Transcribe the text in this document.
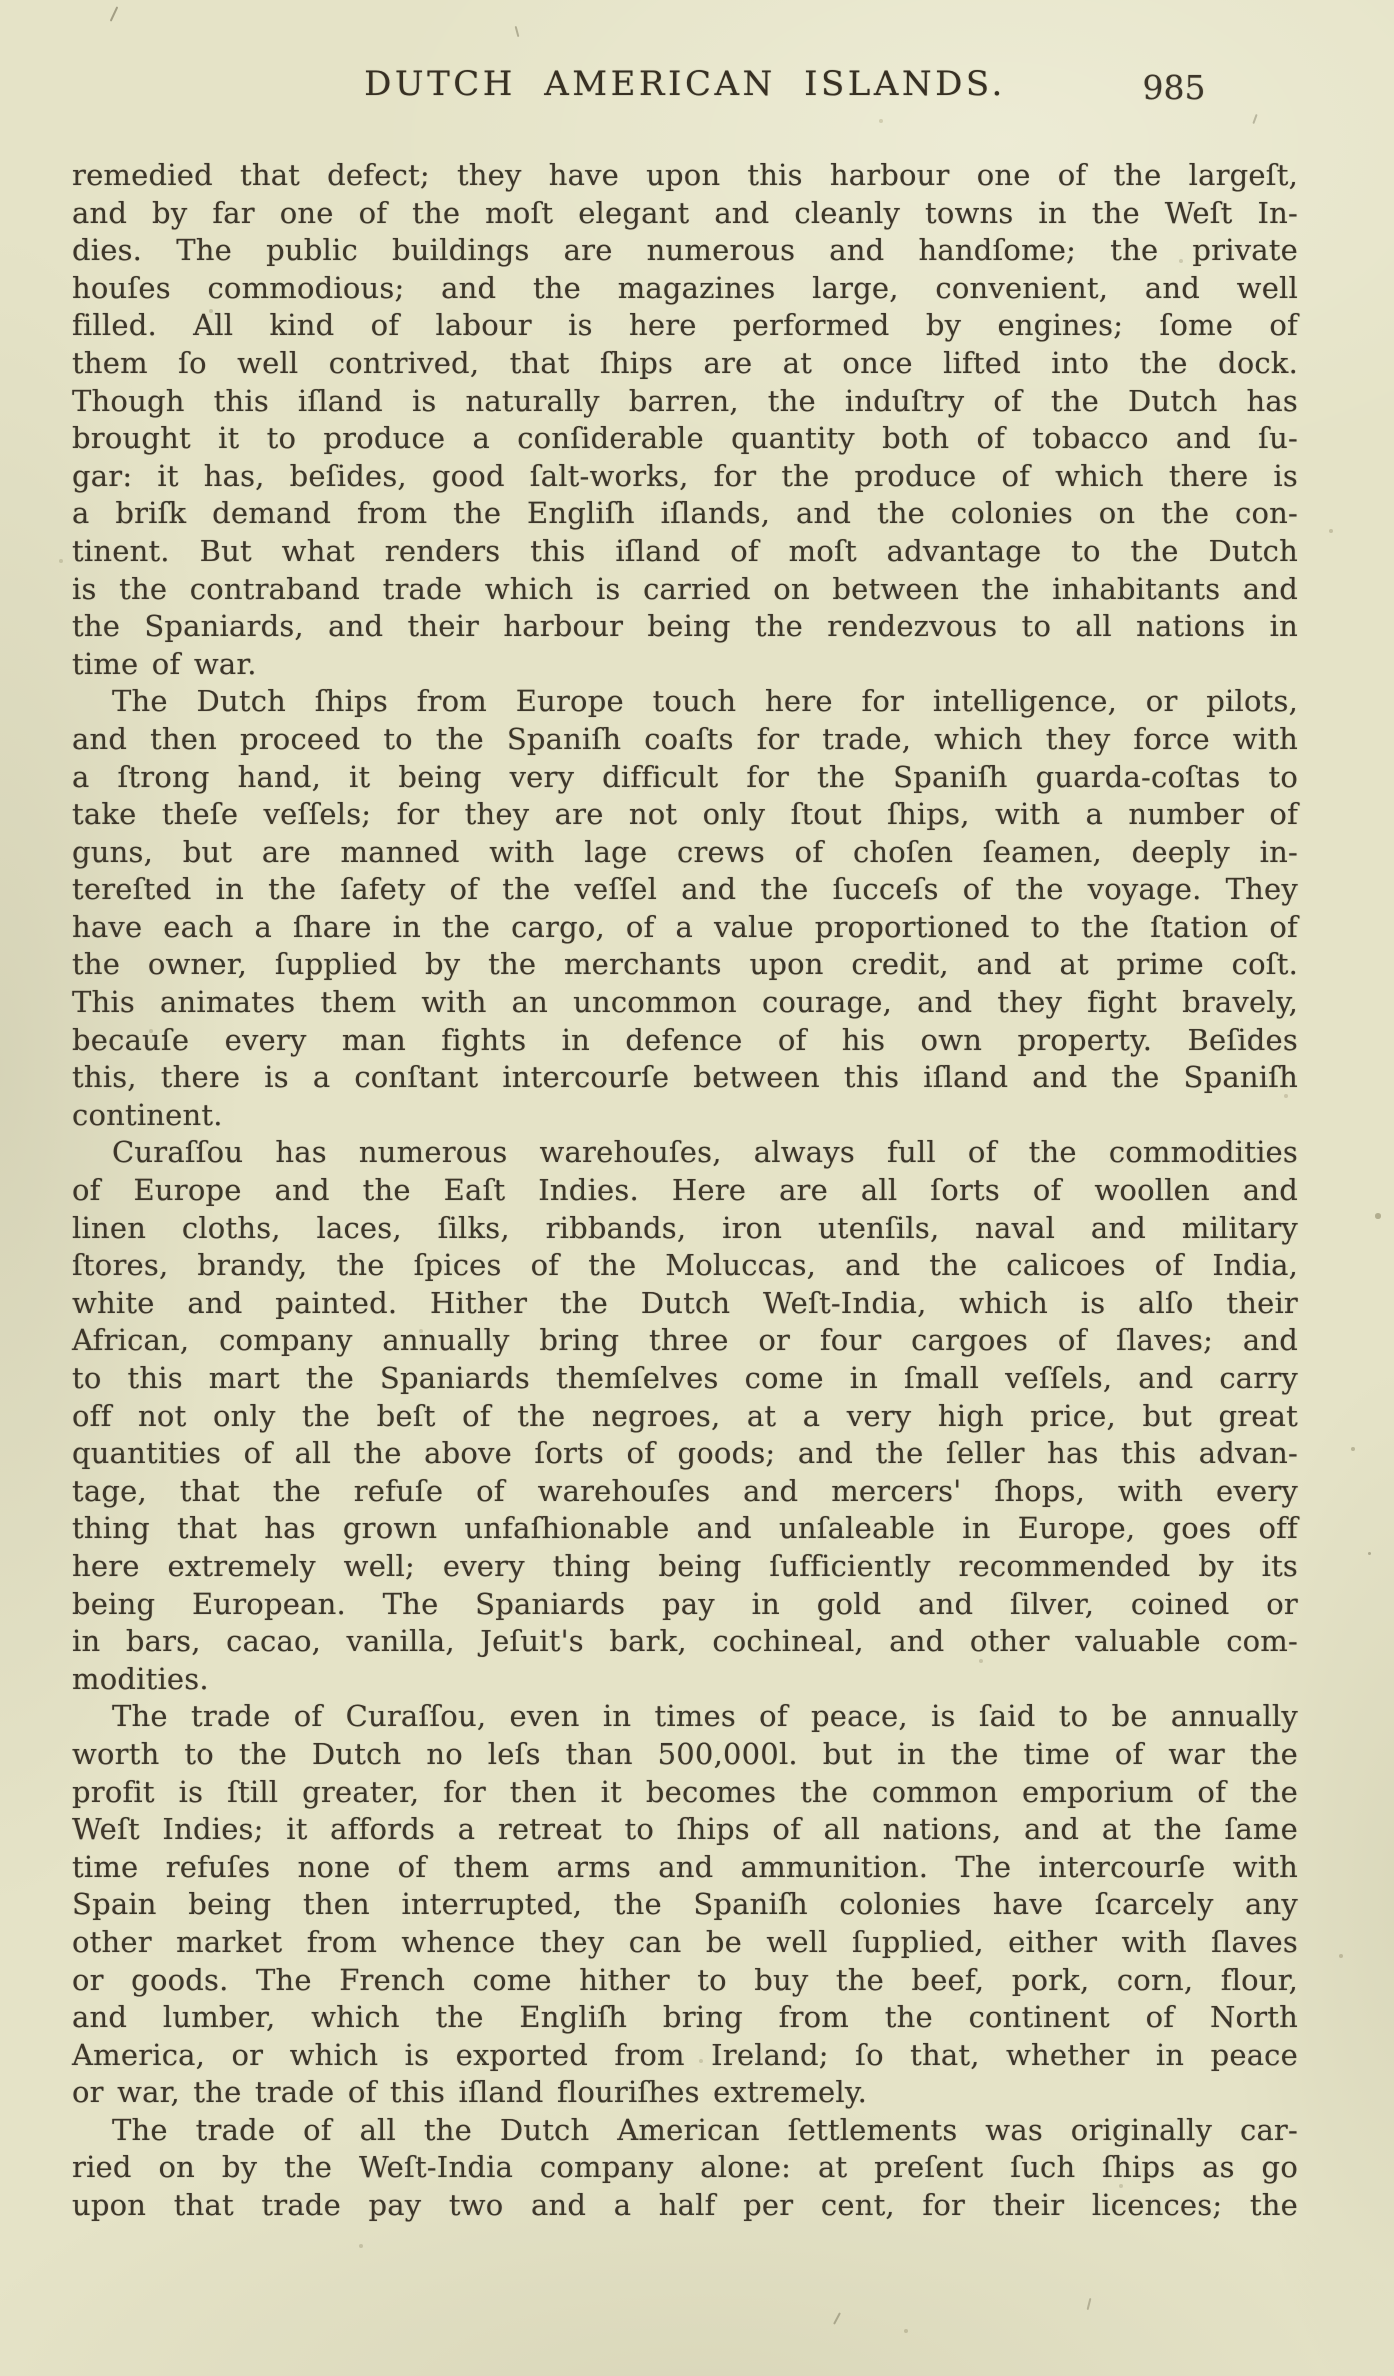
DUTCH AMERICAN ISLANDS.	985
remedied that defect; they have upon this harbour one of the largeſt,
and by far one of the moſt elegant and cleanly towns in the Weſt In-
dies. The public buildings are numerous and handſome; the private
houſes commodious; and the magazines large, convenient, and well
filled. All kind of labour is here performed by engines; ſome of
them ſo well contrived, that ſhips are at once lifted into the dock.
Though this iſland is naturally barren, the induſtry of the Dutch has
brought it to produce a conſiderable quantity both of tobacco and ſu-
gar: it has, beſides, good ſalt-works, for the produce of which there is
a briſk demand from the Engliſh iſlands, and the colonies on the con-
tinent. But what renders this iſland of moſt advantage to the Dutch
is the contraband trade which is carried on between the inhabitants and
the Spaniards, and their harbour being the rendezvous to all nations in
time of war.
The Dutch ſhips from Europe touch here for intelligence, or pilots,
and then proceed to the Spaniſh coaſts for trade, which they force with
a ſtrong hand, it being very difficult for the Spaniſh guarda-coſtas to
take theſe veſſels; for they are not only ſtout ſhips, with a number of
guns, but are manned with lage crews of choſen ſeamen, deeply in-
tereſted in the ſafety of the veſſel and the ſucceſs of the voyage. They
have each a ſhare in the cargo, of a value proportioned to the ſtation of
the owner, ſupplied by the merchants upon credit, and at prime coſt.
This animates them with an uncommon courage, and they fight bravely,
becauſe every man fights in defence of his own property. Beſides
this, there is a conſtant intercourſe between this iſland and the Spaniſh
continent.
Curaſſou has numerous warehouſes, always full of the commodities
of Europe and the Eaſt Indies. Here are all ſorts of woollen and
linen cloths, laces, ſilks, ribbands, iron utenſils, naval and military
ſtores, brandy, the ſpices of the Moluccas, and the calicoes of India,
white and painted. Hither the Dutch Weſt-India, which is alſo their
African, company annually bring three or four cargoes of ſlaves; and
to this mart the Spaniards themſelves come in ſmall veſſels, and carry
off not only the beſt of the negroes, at a very high price, but great
quantities of all the above ſorts of goods; and the ſeller has this advan-
tage, that the refuſe of warehouſes and mercers' ſhops, with every
thing that has grown unfaſhionable and unſaleable in Europe, goes off
here extremely well; every thing being ſufficiently recommended by its
being European. The Spaniards pay in gold and ſilver, coined or
in bars, cacao, vanilla, Jeſuit's bark, cochineal, and other valuable com-
modities.
The trade of Curaſſou, even in times of peace, is ſaid to be annually
worth to the Dutch no leſs than 500,000l. but in the time of war the
profit is ſtill greater, for then it becomes the common emporium of the
Weſt Indies; it affords a retreat to ſhips of all nations, and at the ſame
time refuſes none of them arms and ammunition. The intercourſe with
Spain being then interrupted, the Spaniſh colonies have ſcarcely any
other market from whence they can be well ſupplied, either with ſlaves
or goods. The French come hither to buy the beef, pork, corn, flour,
and lumber, which the Engliſh bring from the continent of North
America, or which is exported from Ireland; ſo that, whether in peace
or war, the trade of this iſland flouriſhes extremely.
The trade of all the Dutch American ſettlements was originally car-
ried on by the Weſt-India company alone: at preſent ſuch ſhips as go
upon that trade pay two and a half per cent, for their licences; the
